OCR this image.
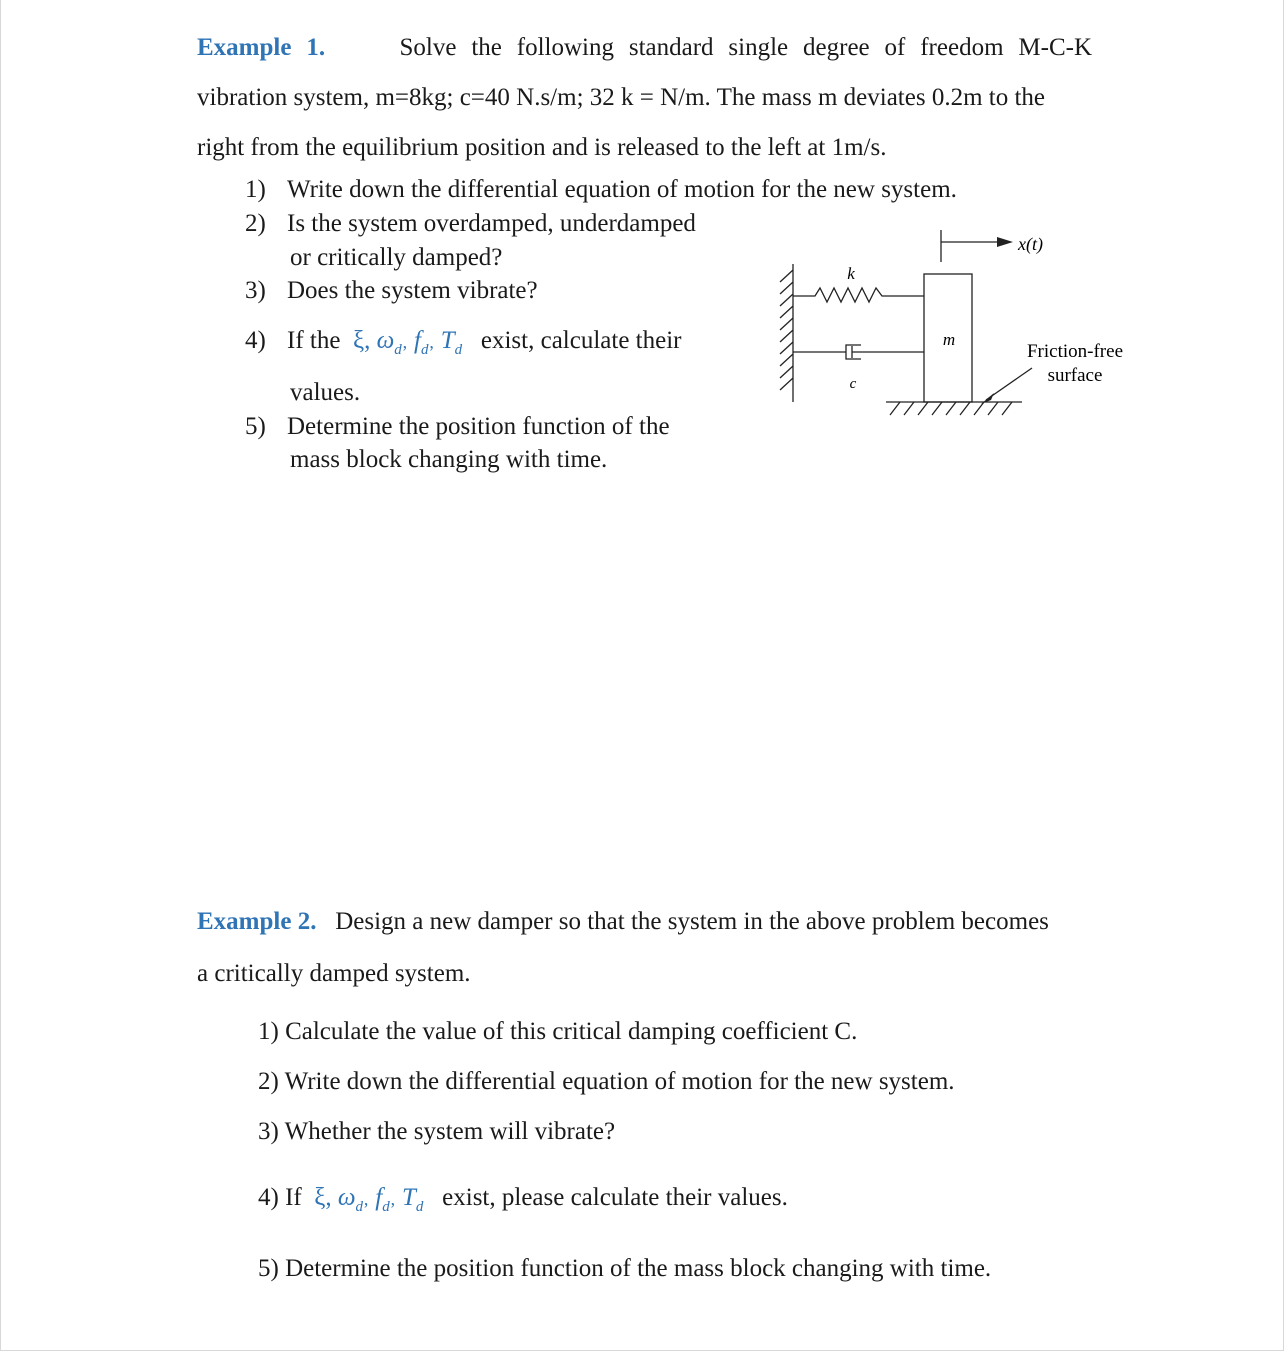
Example 1.	Solve the following standard single degree of freedom M-C-K
vibration system, m=8kg; c=40 N.s/m; 32 k = N/m. The mass m deviates 0.2m to the
right from the equilibrium position and is released to the left at 1m/s.
1) Write down the differential equation of motion for the new system.
2) Is the system overdamped, underdamped
or critically damped?
3) Does the system vibrate?
4) If the ξ, $\omega_d‚$ $f_d‚$ $T_d$ exist, calculate their
values.
5) Determine the position function of the
mass block changing with time.
k
c
m
x(t)
Friction-free
surface
Example 2. Design a new damper so that the system in the above problem becomes
a critically damped system.
1) Calculate the value of this critical damping coefficient C.
2) Write down the differential equation of motion for the new system.
3) Whether the system will vibrate?
4) If ξ, $\omega_d‚$ $f_d‚$ $T_d$ exist, please calculate their values.
5) Determine the position function of the mass block changing with time.
